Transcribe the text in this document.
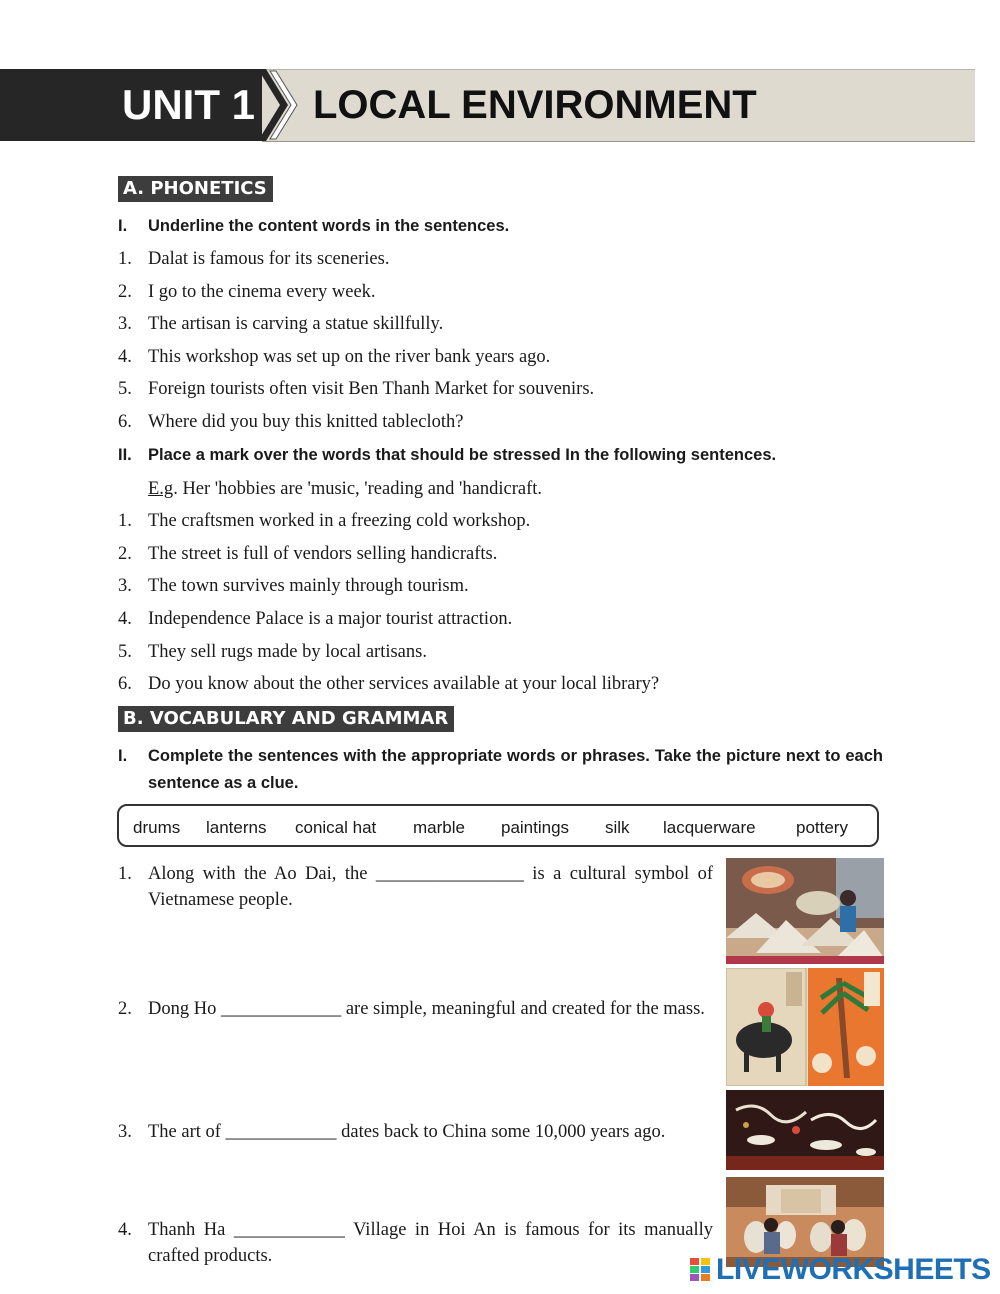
UNIT 1 LOCAL ENVIRONMENT
A. PHONETICS
I. Underline the content words in the sentences.
1. Dalat is famous for its sceneries.
2. I go to the cinema every week.
3. The artisan is carving a statue skillfully.
4. This workshop was set up on the river bank years ago.
5. Foreign tourists often visit Ben Thanh Market for souvenirs.
6. Where did you buy this knitted tablecloth?
II. Place a mark over the words that should be stressed In the following sentences.
E.g. Her 'hobbies are 'music, 'reading and 'handicraft.
1. The craftsmen worked in a freezing cold workshop.
2. The street is full of vendors selling handicrafts.
3. The town survives mainly through tourism.
4. Independence Palace is a major tourist attraction.
5. They sell rugs made by local artisans.
6. Do you know about the other services available at your local library?
B. VOCABULARY AND GRAMMAR
I. Complete the sentences with the appropriate words or phrases. Take the picture next to each sentence as a clue.
drums lanterns conical hat marble paintings silk lacquerware pottery
1. Along with the Ao Dai, the ________________ is a cultural symbol of Vietnamese people.
2. Dong Ho _____________ are simple, meaningful and created for the mass.
3. The art of ____________ dates back to China some 10,000 years ago.
4. Thanh Ha ____________ Village in Hoi An is famous for its manually crafted products.	LIVEWORKSHEETS
